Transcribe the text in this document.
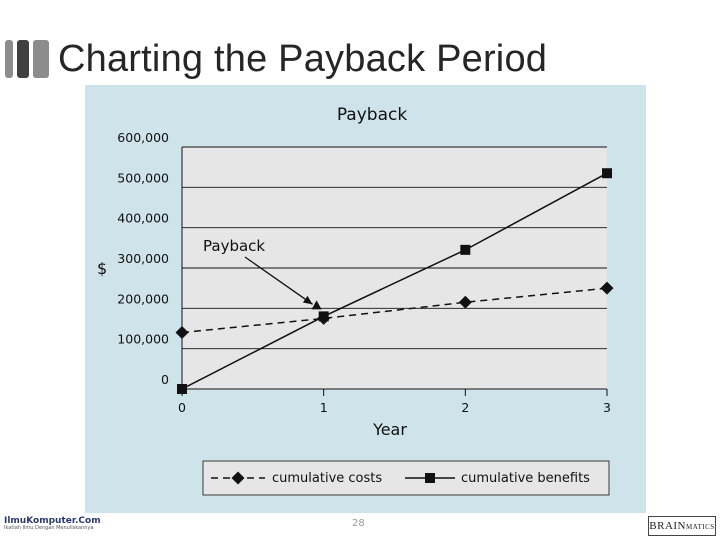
Charting the Payback Period
Payback
0
100,000
200,000
300,000
400,000
500,000
600,000
0	1	2	3
Year
$
Payback
cumulative costs	cumulative benefits
IlmuKomputer.Com
Ikatlah Ilmu Dengan Menuliskannya	28	BRAINMATICS
